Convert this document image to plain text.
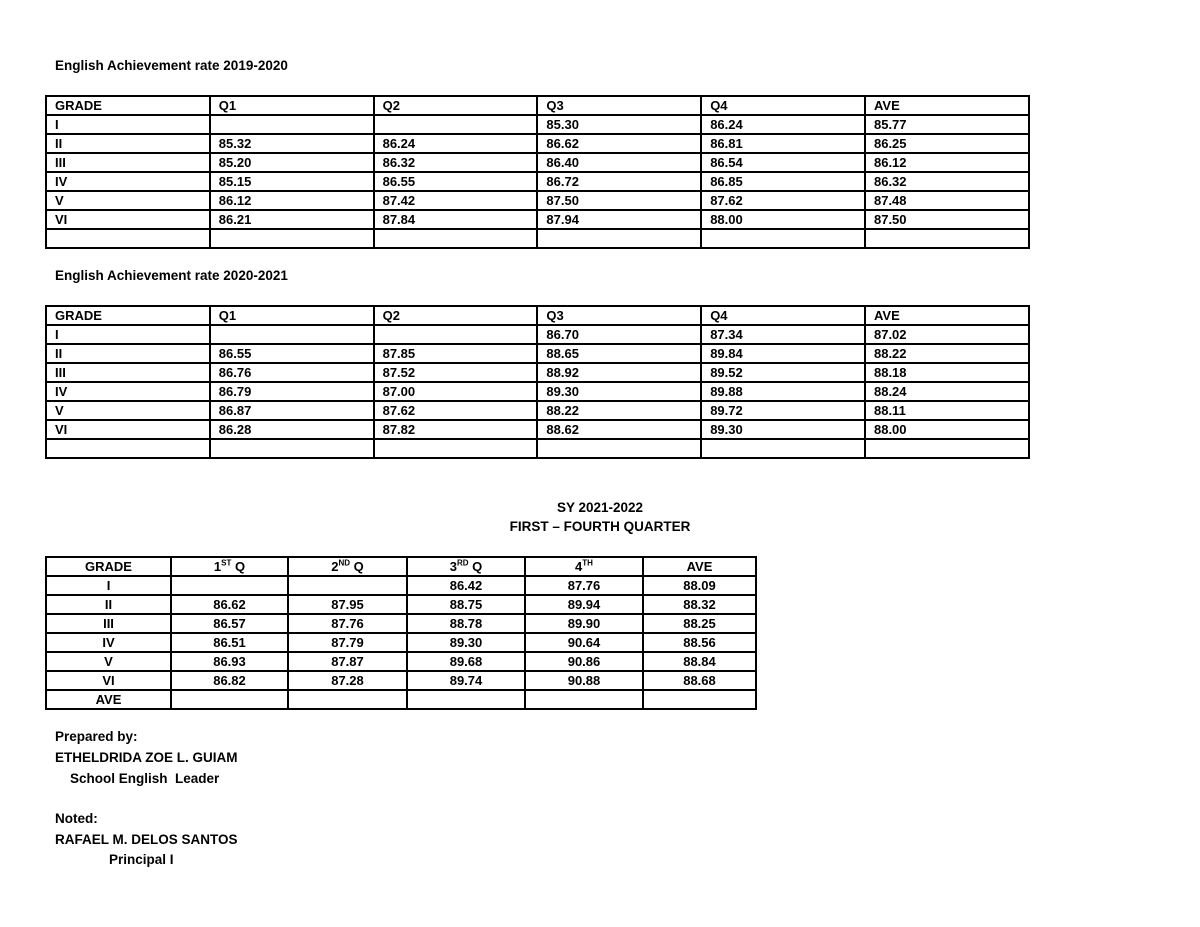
English Achievement rate 2019-2020
GRADE	Q1	Q2	Q3	Q4	AVE
I			85.30	86.24	85.77
II	85.32	86.24	86.62	86.81	86.25
III	85.20	86.32	86.40	86.54	86.12
IV	85.15	86.55	86.72	86.85	86.32
V	86.12	87.42	87.50	87.62	87.48
VI	86.21	87.84	87.94	88.00	87.50

English Achievement rate 2020-2021
GRADE	Q1	Q2	Q3	Q4	AVE
I			86.70	87.34	87.02
II	86.55	87.85	88.65	89.84	88.22
III	86.76	87.52	88.92	89.52	88.18
IV	86.79	87.00	89.30	89.88	88.24
V	86.87	87.62	88.22	89.72	88.11
VI	86.28	87.82	88.62	89.30	88.00

SY 2021-2022
FIRST – FOURTH QUARTER
GRADE	1ST Q	2ND Q	3RD Q	4TH	AVE
I			86.42	87.76	88.09
II	86.62	87.95	88.75	89.94	88.32
III	86.57	87.76	88.78	89.90	88.25
IV	86.51	87.79	89.30	90.64	88.56
V	86.93	87.87	89.68	90.86	88.84
VI	86.82	87.28	89.74	90.88	88.68
AVE					
Prepared by:
ETHELDRIDA ZOE L. GUIAM
School English  Leader
Noted:
RAFAEL M. DELOS SANTOS
Principal I
